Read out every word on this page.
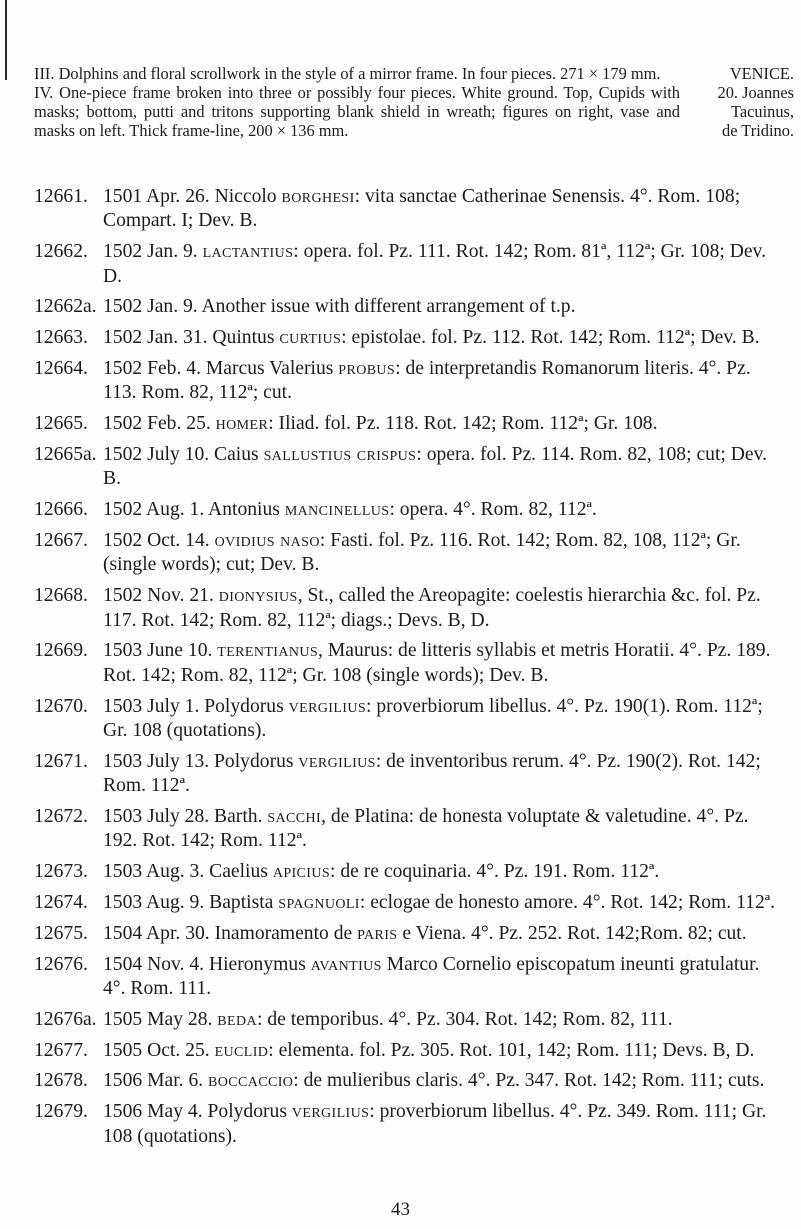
III. Dolphins and floral scrollwork in the style of a mirror frame. In four pieces. 271 × 179 mm.

IV. One-piece frame broken into three or possibly four pieces. White ground. Top, Cupids with masks; bottom, putti and tritons supporting blank shield in wreath; figures on right, vase and masks on left. Thick frame-line, 200 × 136 mm.

VENICE.
20. Joannes
Tacuinus,
de Tridino.
12661. 1501 Apr. 26. Niccolo borghesi: vita sanctae Catherinae Senensis. 4°. Rom. 108; Compart. I; Dev. B.
12662. 1502 Jan. 9. lactantius: opera. fol. Pz. 111. Rot. 142; Rom. 81ª, 112ª; Gr. 108; Dev. D.
12662a. 1502 Jan. 9. Another issue with different arrangement of t.p.
12663. 1502 Jan. 31. Quintus curtius: epistolae. fol. Pz. 112. Rot. 142; Rom. 112ª; Dev. B.
12664. 1502 Feb. 4. Marcus Valerius probus: de interpretandis Romanorum literis. 4°. Pz. 113. Rom. 82, 112ª; cut.
12665. 1502 Feb. 25. homer: Iliad. fol. Pz. 118. Rot. 142; Rom. 112ª; Gr. 108.
12665a. 1502 July 10. Caius sallustius crispus: opera. fol. Pz. 114. Rom. 82, 108; cut; Dev. B.
12666. 1502 Aug. 1. Antonius mancinellus: opera. 4°. Rom. 82, 112ª.
12667. 1502 Oct. 14. ovidius naso: Fasti. fol. Pz. 116. Rot. 142; Rom. 82, 108, 112ª; Gr. (single words); cut; Dev. B.
12668. 1502 Nov. 21. dionysius, St., called the Areopagite: coelestis hierarchia &c. fol. Pz. 117. Rot. 142; Rom. 82, 112ª; diags.; Devs. B, D.
12669. 1503 June 10. terentianus, Maurus: de litteris syllabis et metris Horatii. 4°. Pz. 189. Rot. 142; Rom. 82, 112ª; Gr. 108 (single words); Dev. B.
12670. 1503 July 1. Polydorus vergilius: proverbiorum libellus. 4°. Pz. 190(1). Rom. 112ª; Gr. 108 (quotations).
12671. 1503 July 13. Polydorus vergilius: de inventoribus rerum. 4°. Pz. 190(2). Rot. 142; Rom. 112ª.
12672. 1503 July 28. Barth. sacchi, de Platina: de honesta voluptate & valetudine. 4°. Pz. 192. Rot. 142; Rom. 112ª.
12673. 1503 Aug. 3. Caelius apicius: de re coquinaria. 4°. Pz. 191. Rom. 112ª.
12674. 1503 Aug. 9. Baptista spagnuoli: eclogae de honesto amore. 4°. Rot. 142; Rom. 112ª.
12675. 1504 Apr. 30. Inamoramento de paris e Viena. 4°. Pz. 252. Rot. 142;Rom. 82; cut.
12676. 1504 Nov. 4. Hieronymus avantius Marco Cornelio episcopatum ineunti gratulatur. 4°. Rom. 111.
12676a. 1505 May 28. beda: de temporibus. 4°. Pz. 304. Rot. 142; Rom. 82, 111.
12677. 1505 Oct. 25. euclid: elementa. fol. Pz. 305. Rot. 101, 142; Rom. 111; Devs. B, D.
12678. 1506 Mar. 6. boccaccio: de mulieribus claris. 4°. Pz. 347. Rot. 142; Rom. 111; cuts.
12679. 1506 May 4. Polydorus vergilius: proverbiorum libellus. 4°. Pz. 349. Rom. 111; Gr. 108 (quotations).
43
